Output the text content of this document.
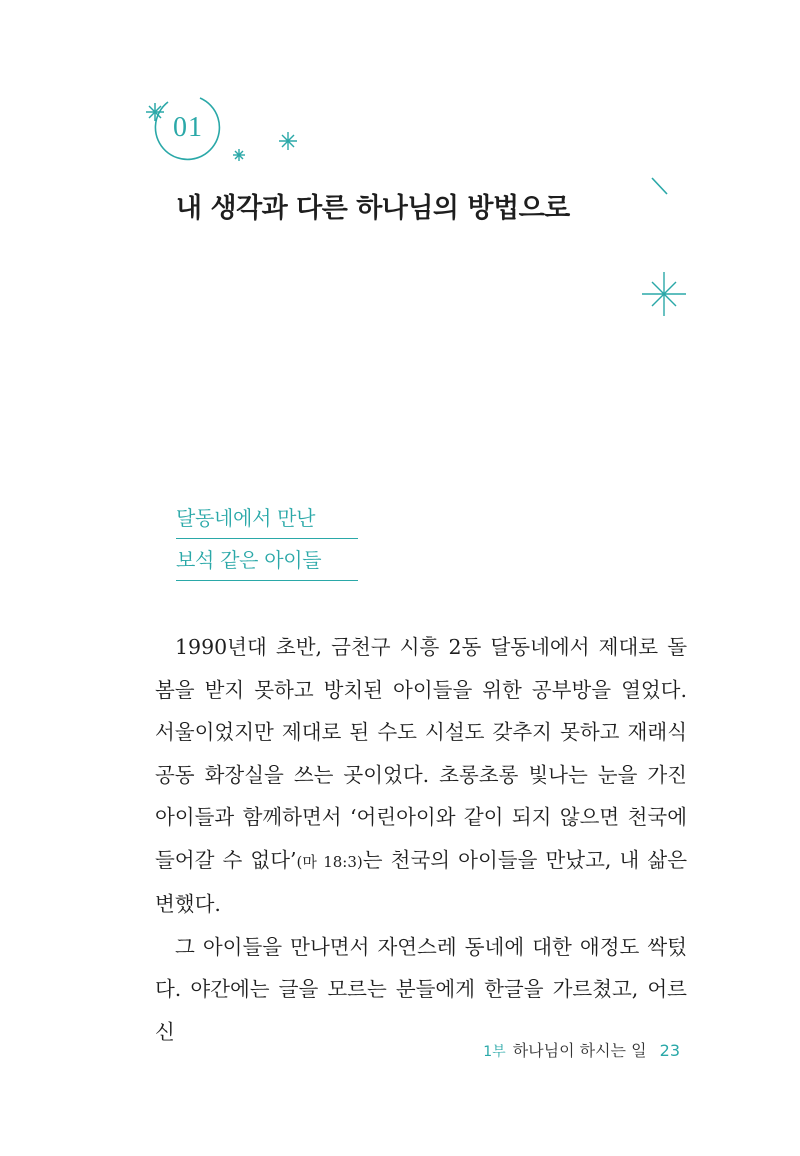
01
내 생각과 다른 하나님의 방법으로
달동네에서 만난
보석 같은 아이들

1990년대 초반, 금천구 시흥 2동 달동네에서 제대로 돌봄을 받지 못하고 방치된 아이들을 위한 공부방을 열었다. 서울이었지만 제대로 된 수도 시설도 갖추지 못하고 재래식 공동 화장실을 쓰는 곳이었다. 초롱초롱 빛나는 눈을 가진 아이들과 함께하면서 ‘어린아이와 같이 되지 않으면 천국에 들어갈 수 없다’(마 18:3)는 천국의 아이들을 만났고, 내 삶은 변했다.

그 아이들을 만나면서 자연스레 동네에 대한 애정도 싹텄다. 야간에는 글을 모르는 분들에게 한글을 가르쳤고, 어르신

1부 하나님이 하시는 일 23
